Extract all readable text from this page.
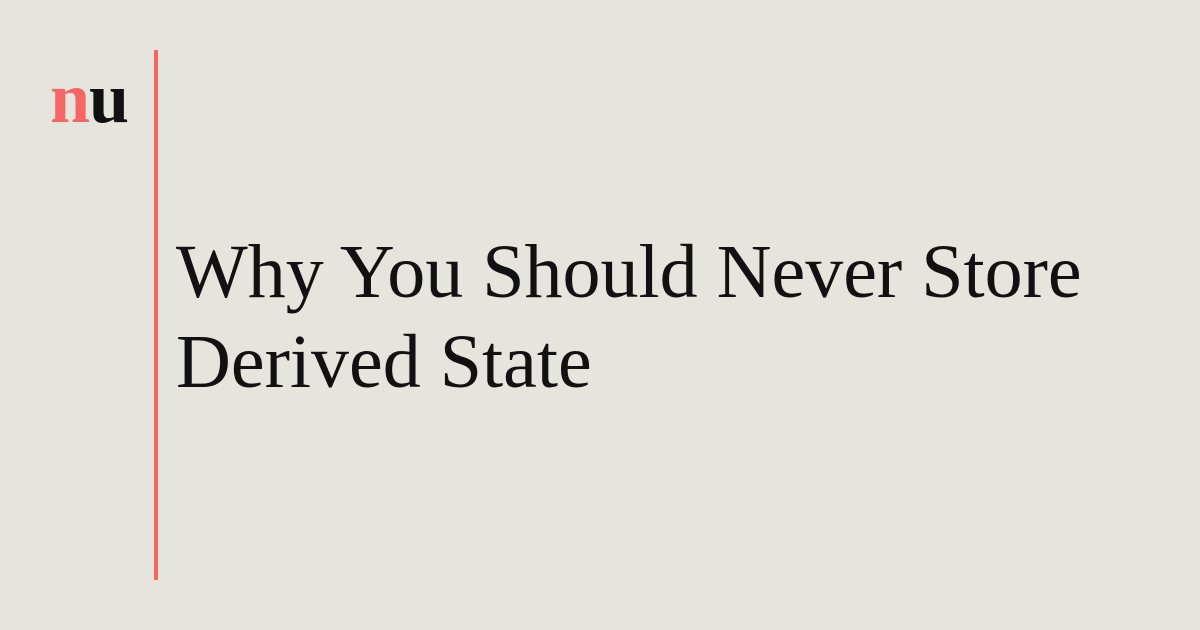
nu
Why You Should Never Store Derived State
